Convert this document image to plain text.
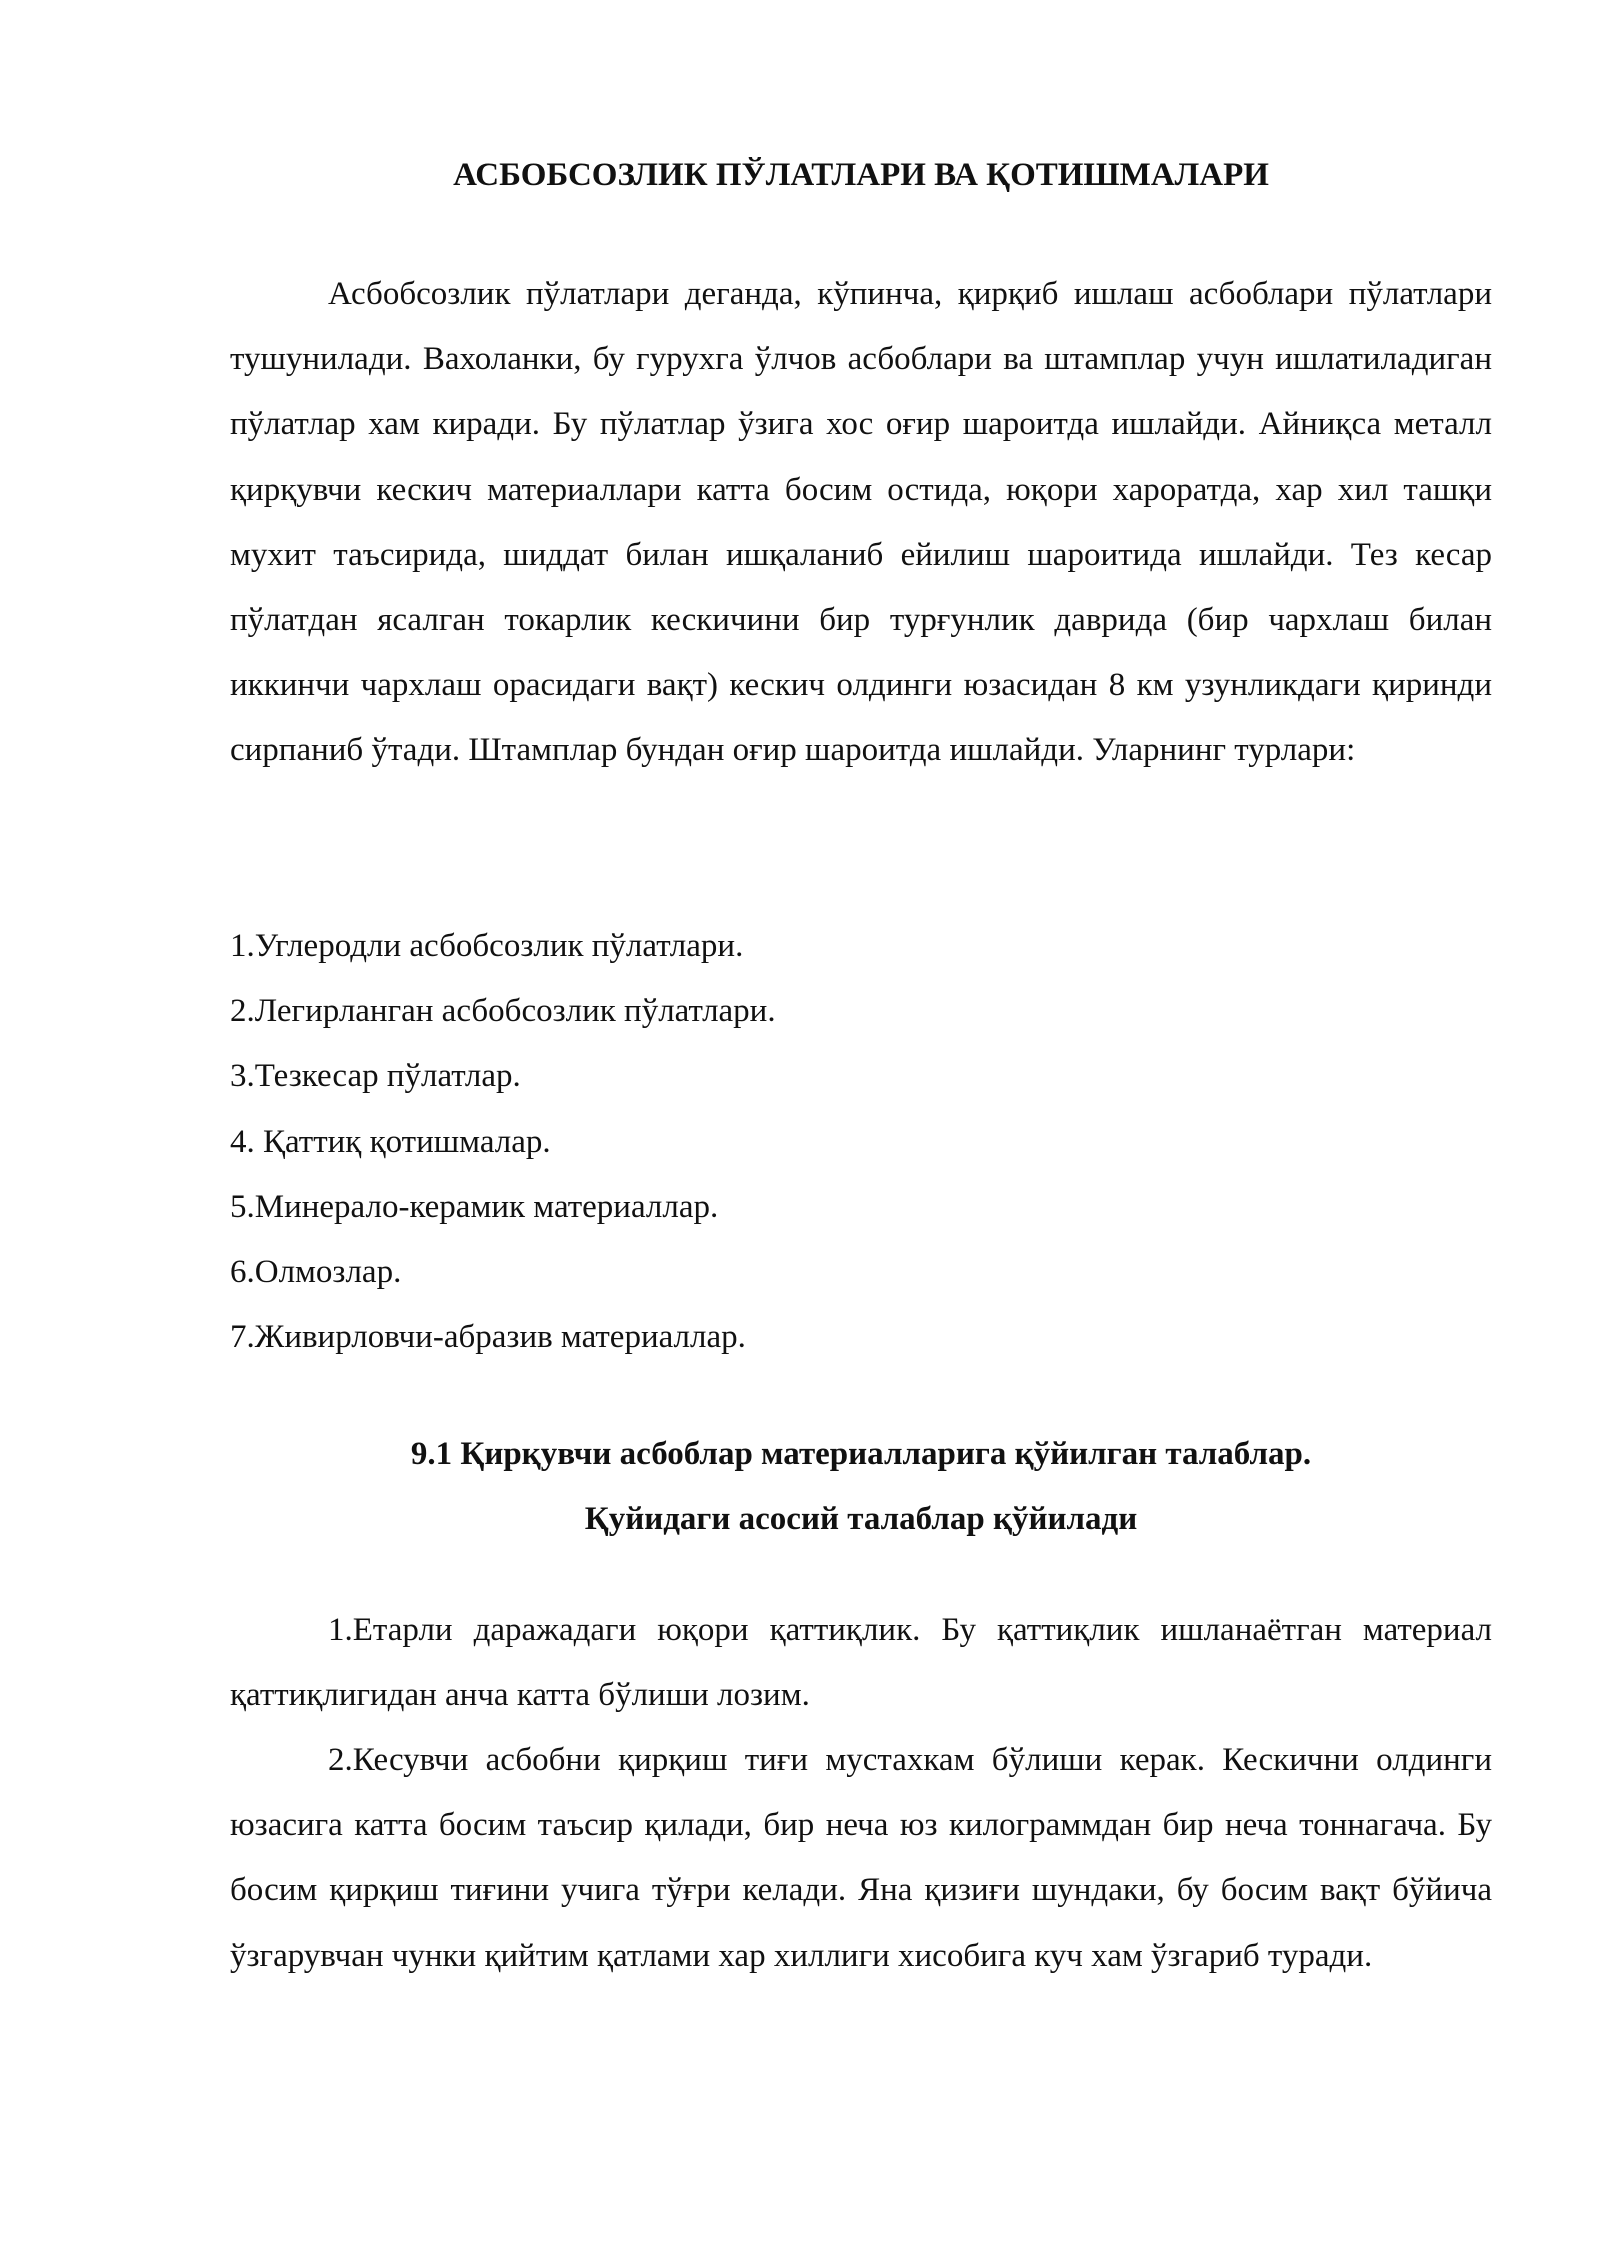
АСБОБСОЗЛИК ПЎЛАТЛАРИ ВА ҚОТИШМАЛАРИ

Асбобсозлик пўлатлари деганда, кўпинча, қирқиб ишлаш асбоблари пўлатлари тушунилади. Вахоланки, бу гурухга ўлчов асбоблари ва штамплар учун ишлатиладиган пўлатлар хам киради. Бу пўлатлар ўзига хос оғир шароитда ишлайди. Айниқса металл қирқувчи кескич материаллари катта босим остида, юқори хароратда, хар хил ташқи мухит таъсирида, шиддат билан ишқаланиб ейилиш шароитида ишлайди. Тез кесар пўлатдан ясалган токарлик кескичини бир турғунлик даврида (бир чархлаш билан иккинчи чархлаш орасидаги вақт) кескич олдинги юзасидан 8 км узунликдаги қиринди сирпаниб ўтади. Штамплар бундан оғир шароитда ишлайди. Уларнинг турлари:

1.Углеродли асбобсозлик пўлатлари.
2.Легирланган асбобсозлик пўлатлари.
3.Тезкесар пўлатлар.
4. Қаттиқ қотишмалар.
5.Минерало-керамик материаллар.
6.Олмозлар.
7.Живирловчи-абразив материаллар.
9.1 Қирқувчи асбоблар материалларига қўйилган талаблар.
Қуйидаги асосий талаблар қўйилади

1.Етарли даражадаги юқори қаттиқлик. Бу қаттиқлик ишланаётган материал қаттиқлигидан анча катта бўлиши лозим.

2.Кесувчи асбобни қирқиш тиғи мустахкам бўлиши керак. Кескични олдинги юзасига катта босим таъсир қилади, бир неча юз килограммдан бир неча тоннагача. Бу босим қирқиш тиғини учига тўғри келади. Яна қизиғи шундаки, бу босим вақт бўйича ўзгарувчан чунки қийтим қатлами хар хиллиги хисобига куч хам ўзгариб туради.
